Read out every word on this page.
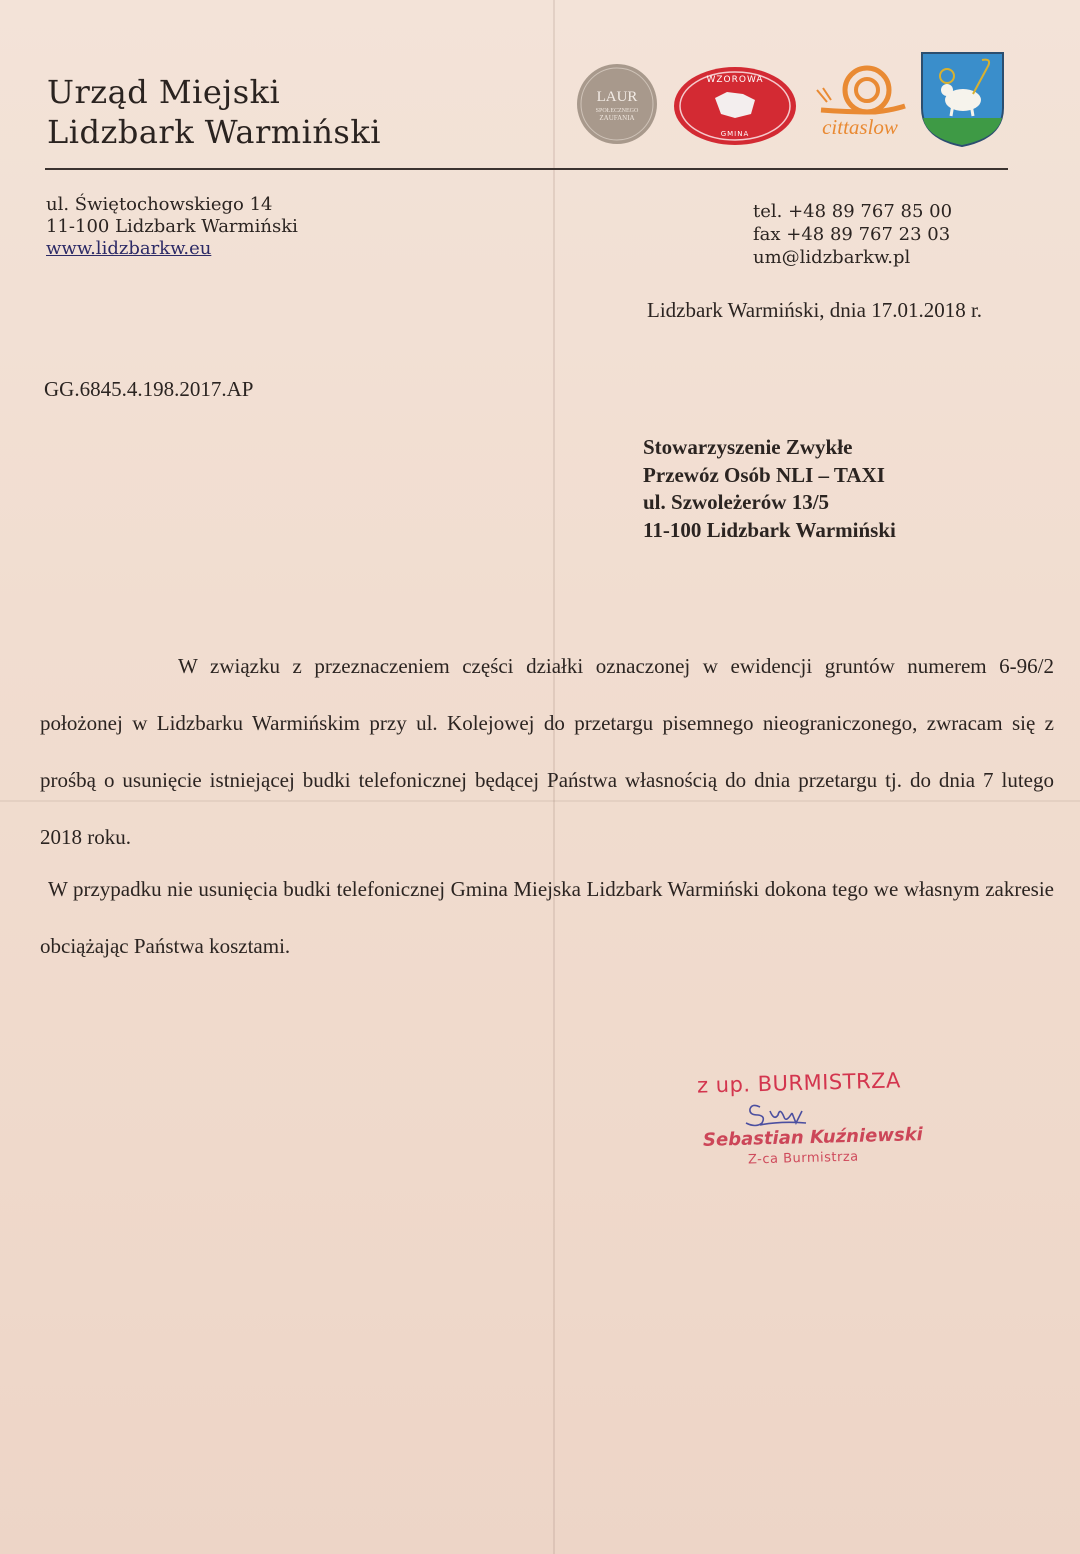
Urząd Miejski
Lidzbark Warmiński
LAUR
SPOŁECZNEGO
ZAUFANIA
WZOROWA
GMINA	cittaslow
ul. Świętochowskiego 14
11-100 Lidzbark Warmiński
www.lidzbarkw.eu
tel. +48 89 767 85 00
fax +48 89 767 23 03
um@lidzbarkw.pl
Lidzbark Warmiński, dnia 17.01.2018 r.
GG.6845.4.198.2017.AP
Stowarzyszenie Zwykłe
Przewóz Osób NLI – TAXI
ul. Szwoleżerów 13/5
11-100 Lidzbark Warmiński
W związku z przeznaczeniem części działki oznaczonej w ewidencji gruntów numerem 6-96/2 położonej w Lidzbarku Warmińskim przy ul. Kolejowej do przetargu pisemnego nieograniczonego, zwracam się z prośbą o usunięcie istniejącej budki telefonicznej będącej Państwa własnością do dnia przetargu tj. do dnia 7 lutego 2018 roku.
W przypadku nie usunięcia budki telefonicznej Gmina Miejska Lidzbark Warmiński dokona tego we własnym zakresie obciążając Państwa kosztami.
z up. BURMISTRZA
Sebastian Kuźniewski
Z-ca Burmistrza
